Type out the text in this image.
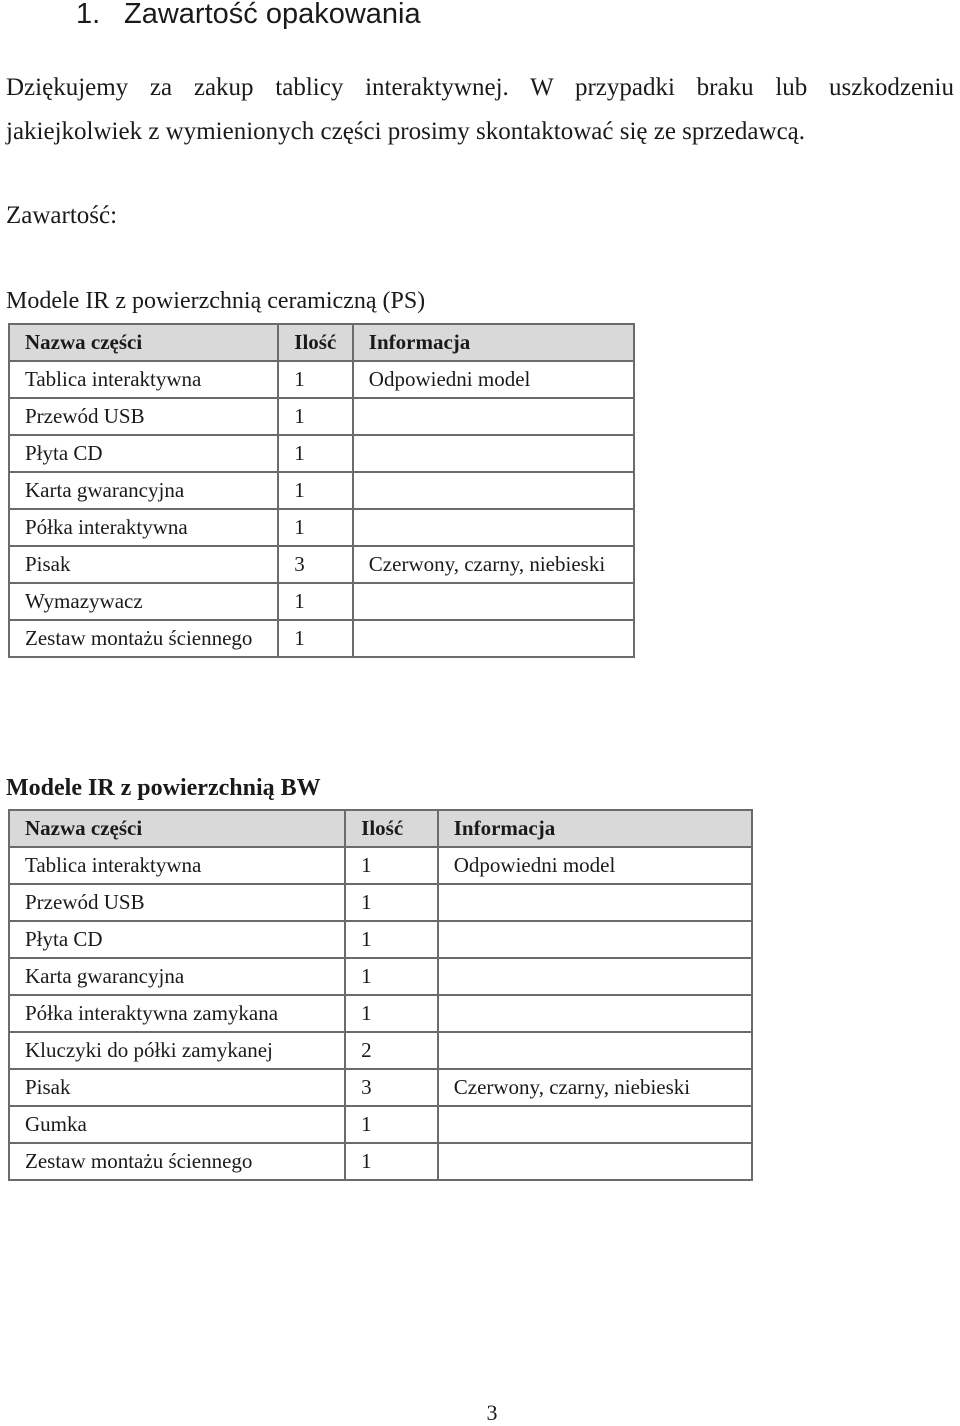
1. Zawartość opakowania

Dziękujemy za zakup tablicy interaktywnej. W przypadki braku lub uszkodzeniu jakiejkolwiek z wymienionych części prosimy skontaktować się ze sprzedawcą.

Zawartość:

Modele IR z powierzchnią ceramiczną (PS)
Nazwa części	Ilość	Informacja
Tablica interaktywna	1	Odpowiedni model
Przewód USB	1	
Płyta CD	1	
Karta gwarancyjna	1	
Półka interaktywna	1	
Pisak	3	Czerwony, czarny, niebieski
Wymazywacz	1	
Zestaw montażu ściennego	1	
Modele IR z powierzchnią BW
Nazwa części	Ilość	Informacja
Tablica interaktywna	1	Odpowiedni model
Przewód USB	1	
Płyta CD	1	
Karta gwarancyjna	1	
Półka interaktywna zamykana	1	
Kluczyki do półki zamykanej	2	
Pisak	3	Czerwony, czarny, niebieski
Gumka	1	
Zestaw montażu ściennego	1	
3
